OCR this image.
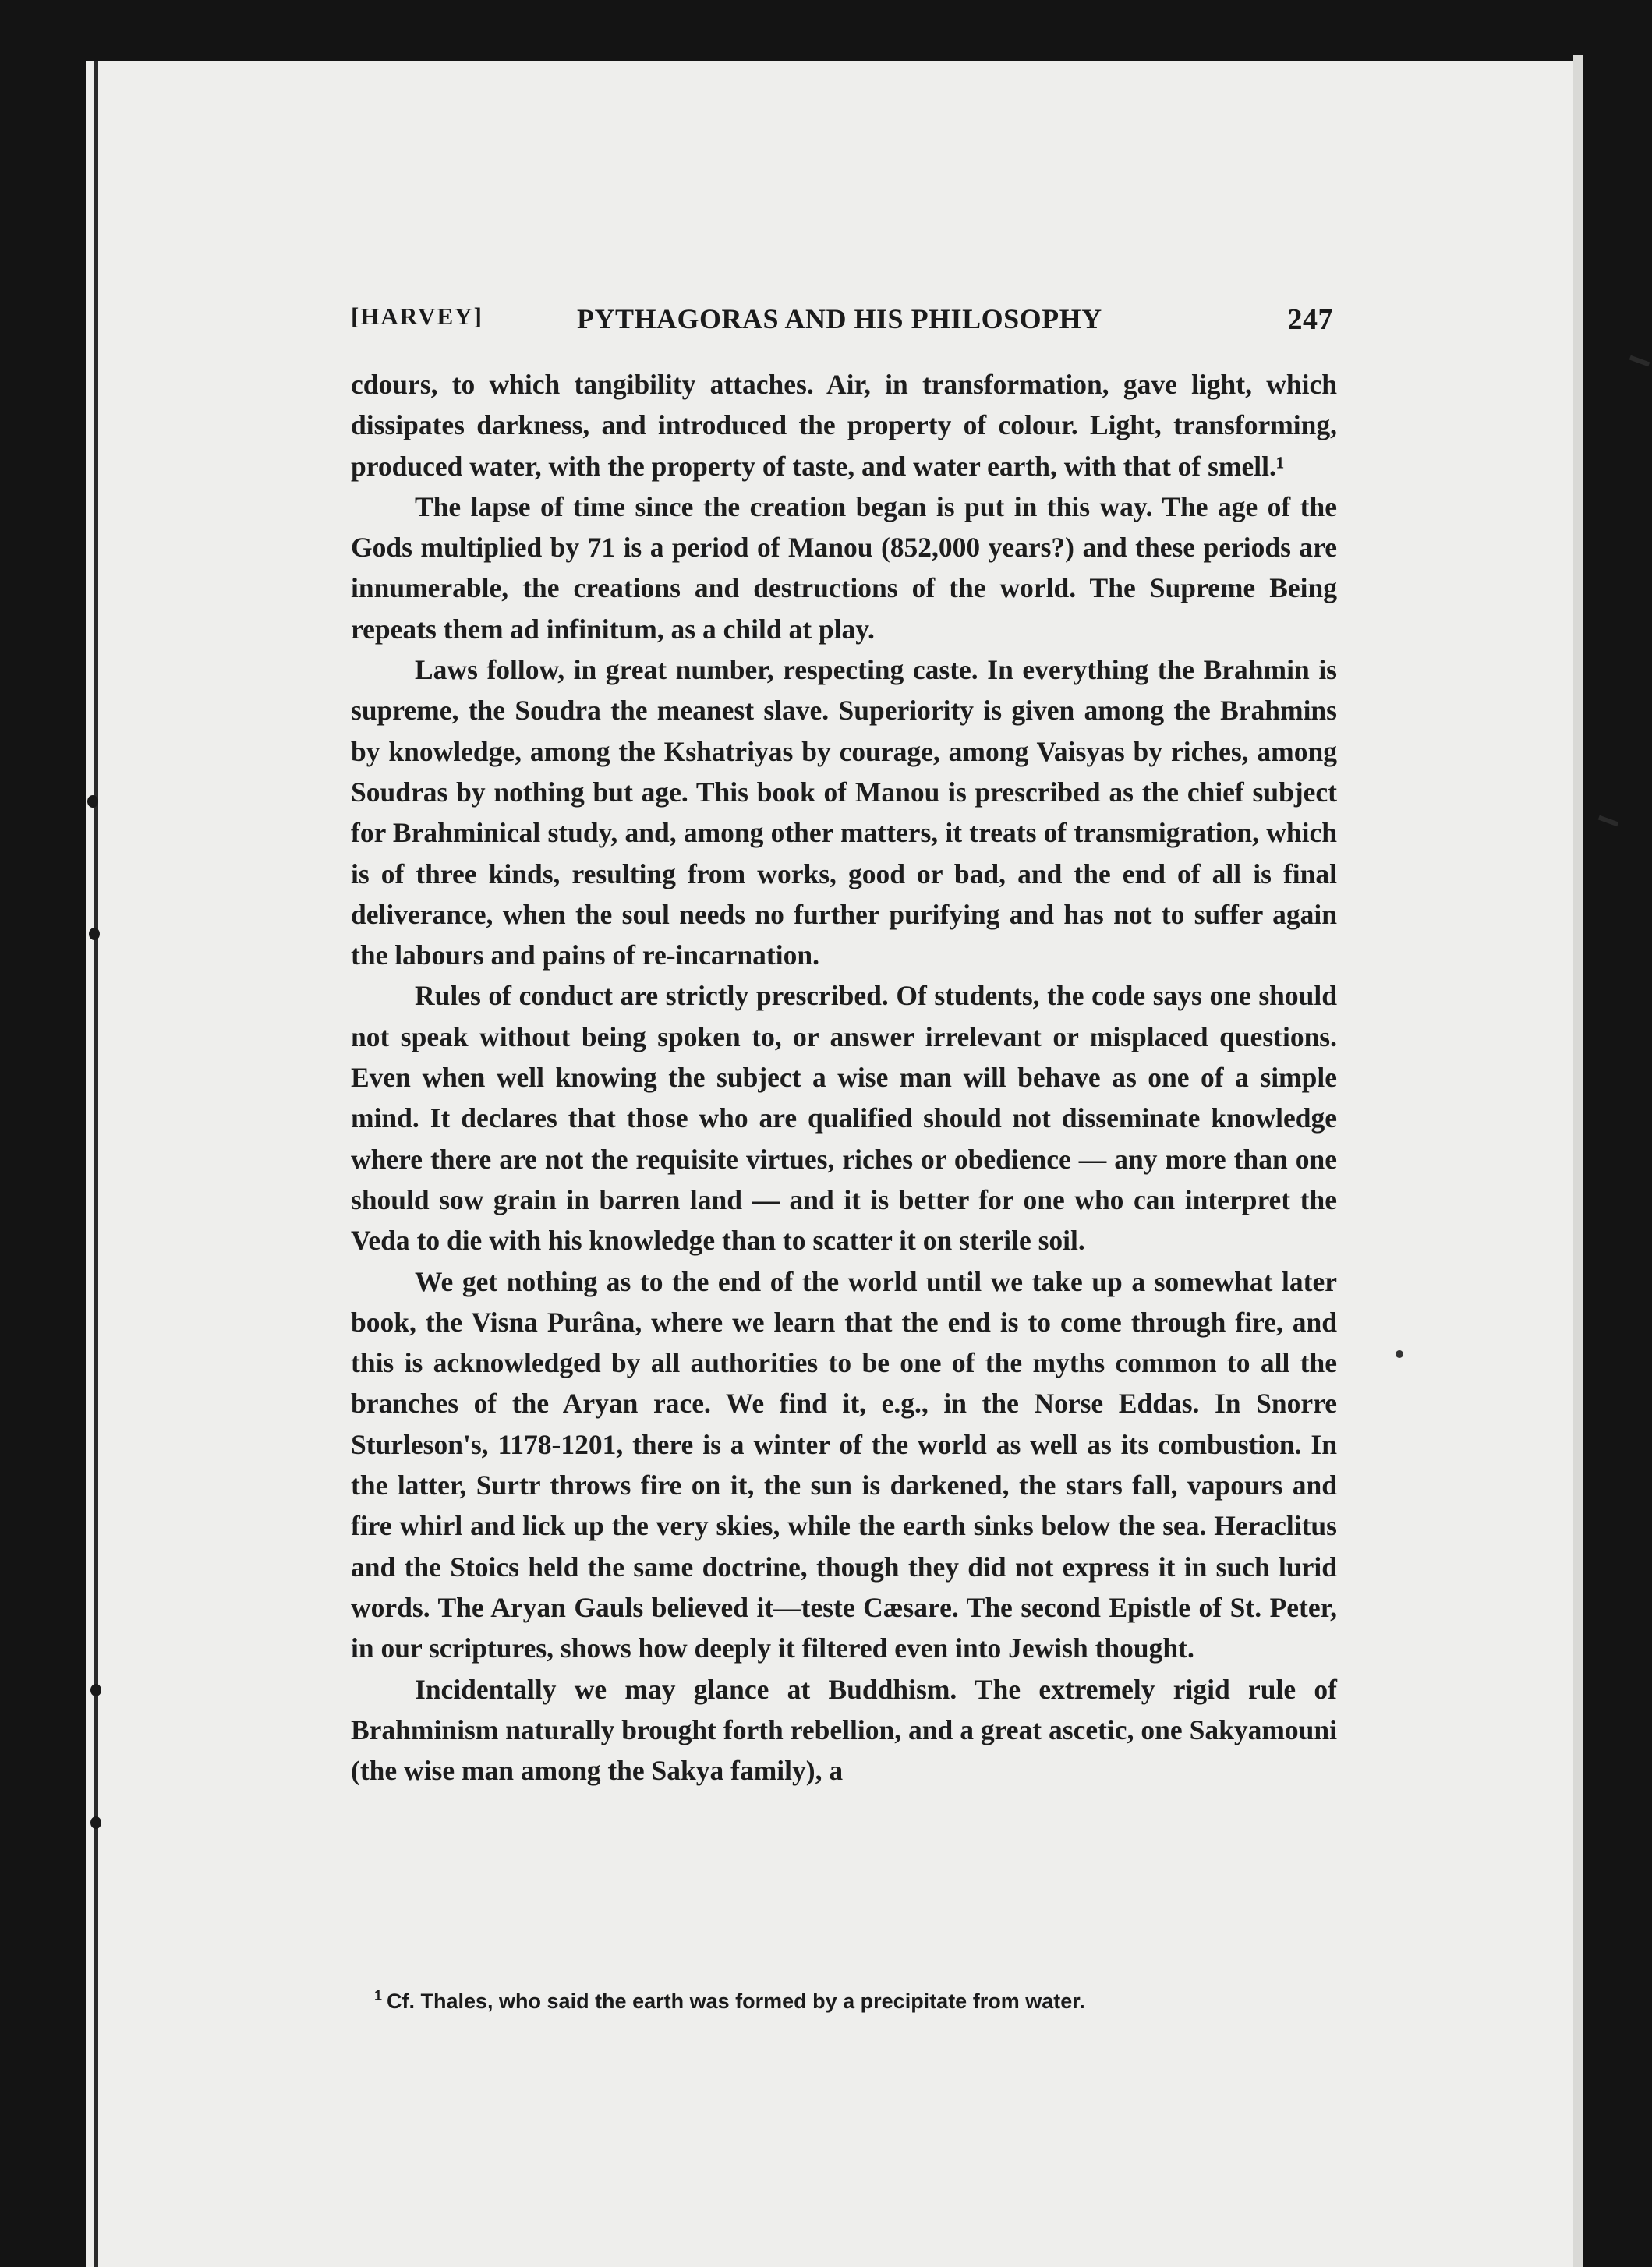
[HARVEY]	PYTHAGORAS AND HIS PHILOSOPHY	247

cdours, to which tangibility attaches. Air, in transformation, gave light, which dissipates darkness, and introduced the property of colour. Light, transforming, produced water, with the property of taste, and water earth, with that of smell.¹

The lapse of time since the creation began is put in this way. The age of the Gods multiplied by 71 is a period of Manou (852,000 years?) and these periods are innumerable, the creations and destructions of the world. The Supreme Being repeats them ad infinitum, as a child at play.

Laws follow, in great number, respecting caste. In everything the Brahmin is supreme, the Soudra the meanest slave. Superiority is given among the Brahmins by knowledge, among the Kshatriyas by courage, among Vaisyas by riches, among Soudras by nothing but age. This book of Manou is prescribed as the chief subject for Brahminical study, and, among other matters, it treats of transmigration, which is of three kinds, resulting from works, good or bad, and the end of all is final deliverance, when the soul needs no further purifying and has not to suffer again the labours and pains of re-incarnation.

Rules of conduct are strictly prescribed. Of students, the code says one should not speak without being spoken to, or answer irrelevant or misplaced questions. Even when well knowing the subject a wise man will behave as one of a simple mind. It declares that those who are qualified should not disseminate knowledge where there are not the requisite virtues, riches or obedience — any more than one should sow grain in barren land — and it is better for one who can interpret the Veda to die with his knowledge than to scatter it on sterile soil.

We get nothing as to the end of the world until we take up a somewhat later book, the Visna Purâna, where we learn that the end is to come through fire, and this is acknowledged by all authorities to be one of the myths common to all the branches of the Aryan race. We find it, e.g., in the Norse Eddas. In Snorre Sturleson's, 1178-1201, there is a winter of the world as well as its combustion. In the latter, Surtr throws fire on it, the sun is darkened, the stars fall, vapours and fire whirl and lick up the very skies, while the earth sinks below the sea. Heraclitus and the Stoics held the same doctrine, though they did not express it in such lurid words. The Aryan Gauls believed it—teste Cæsare. The second Epistle of St. Peter, in our scriptures, shows how deeply it filtered even into Jewish thought.

Incidentally we may glance at Buddhism. The extremely rigid rule of Brahminism naturally brought forth rebellion, and a great ascetic, one Sakyamouni (the wise man among the Sakya family), a

$^1$ Cf. Thales, who said the earth was formed by a precipitate from water.
